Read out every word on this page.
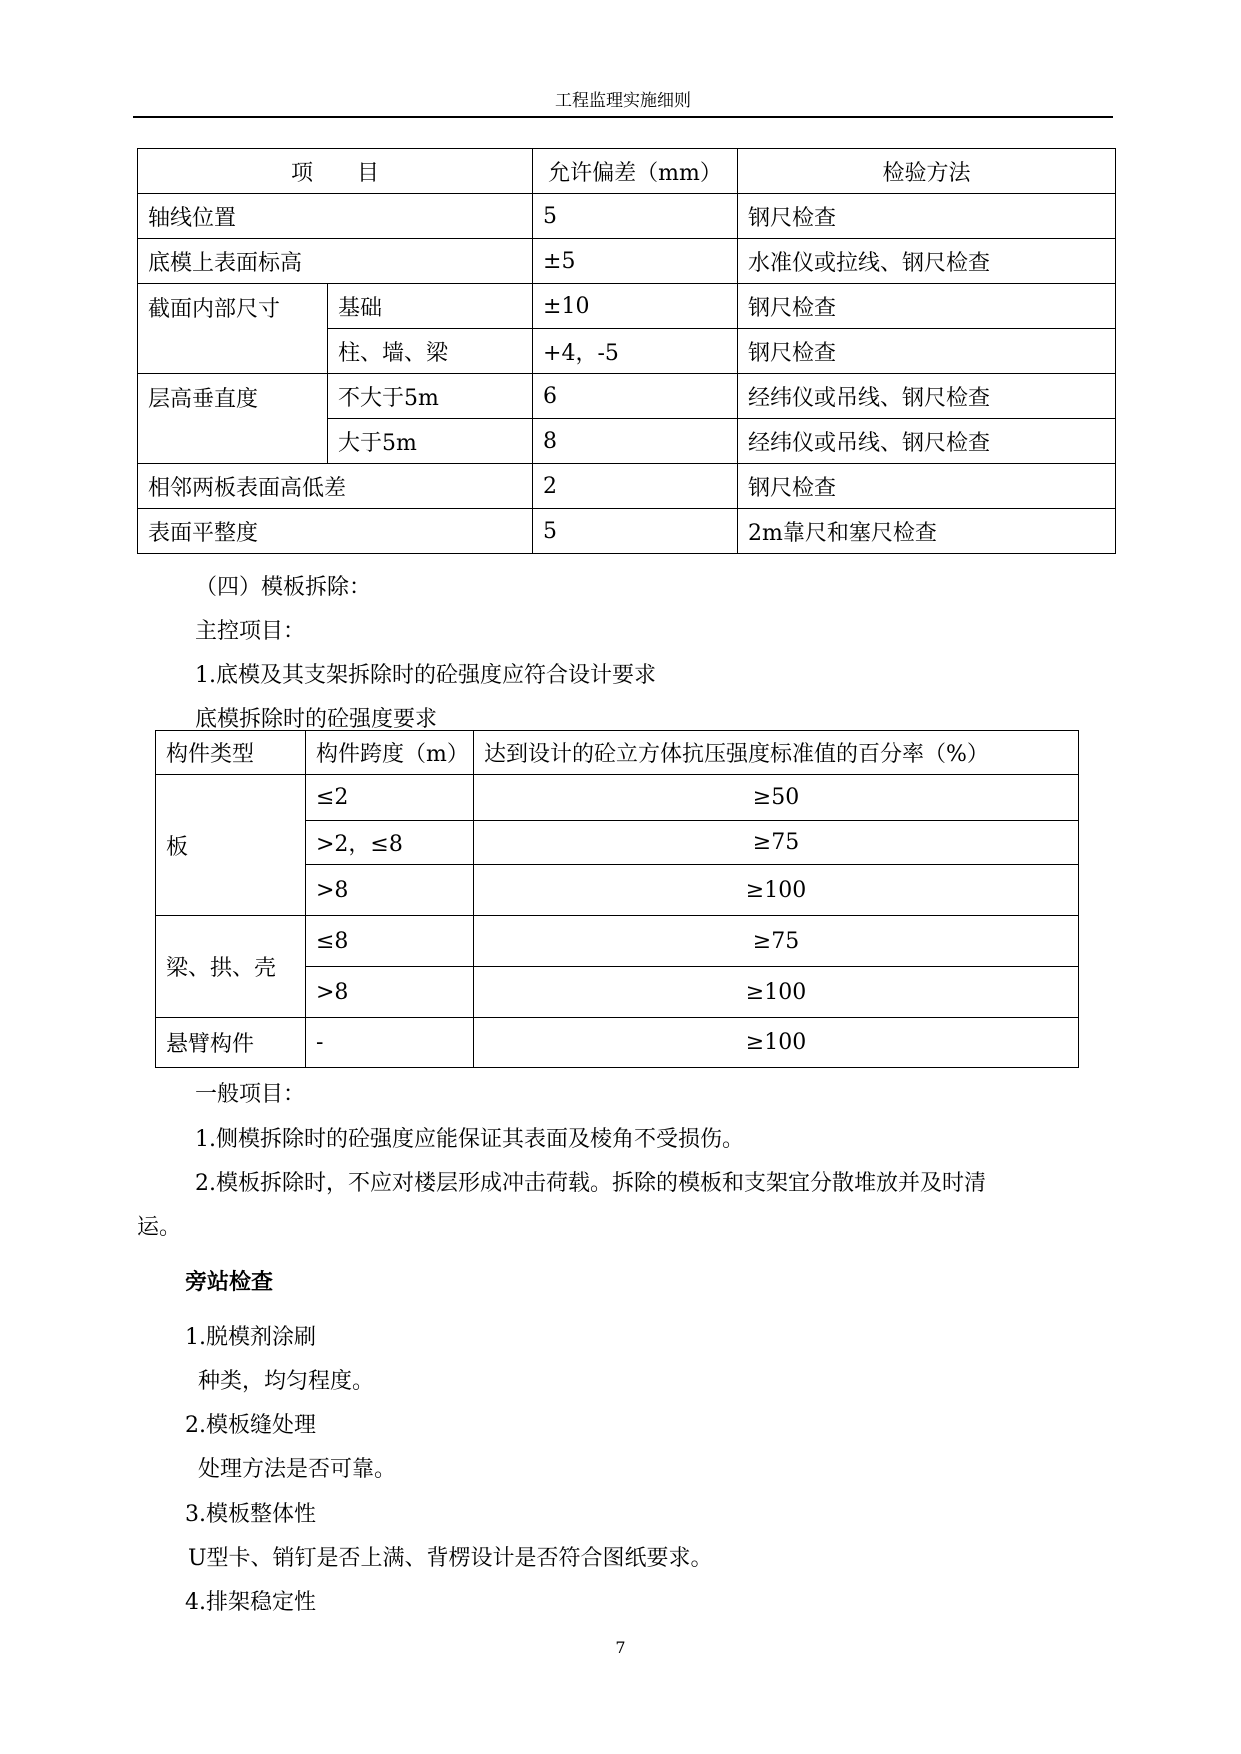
工程监理实施细则
项　　目		允许偏差（mm）	检验方法
轴线位置		5	钢尺检查
底模上表面标高		±5	水准仪或拉线、钢尺检查
截面内部尺寸	基础	±10	钢尺检查
	柱、墙、梁	+4，-5	钢尺检查
层高垂直度	不大于5m	6	经纬仪或吊线、钢尺检查
	大于5m	8	经纬仪或吊线、钢尺检查
相邻两板表面高低差		2	钢尺检查
表面平整度		5	2m靠尺和塞尺检查
（四）模板拆除：
主控项目：
1.底模及其支架拆除时的砼强度应符合设计要求
底模拆除时的砼强度要求
构件类型	构件跨度（m）	达到设计的砼立方体抗压强度标准值的百分率（%）
板	≤2	≥50
	>2，≤8	≥75
	>8	≥100
梁、拱、壳	≤8	≥75
	>8	≥100
悬臂构件	-	≥100
一般项目：
1.侧模拆除时的砼强度应能保证其表面及棱角不受损伤。
2.模板拆除时，不应对楼层形成冲击荷载。拆除的模板和支架宜分散堆放并及时清
运。
旁站检查
1.脱模剂涂刷
种类，均匀程度。
2.模板缝处理
处理方法是否可靠。
3.模板整体性
U型卡、销钉是否上满、背楞设计是否符合图纸要求。
4.排架稳定性
7
